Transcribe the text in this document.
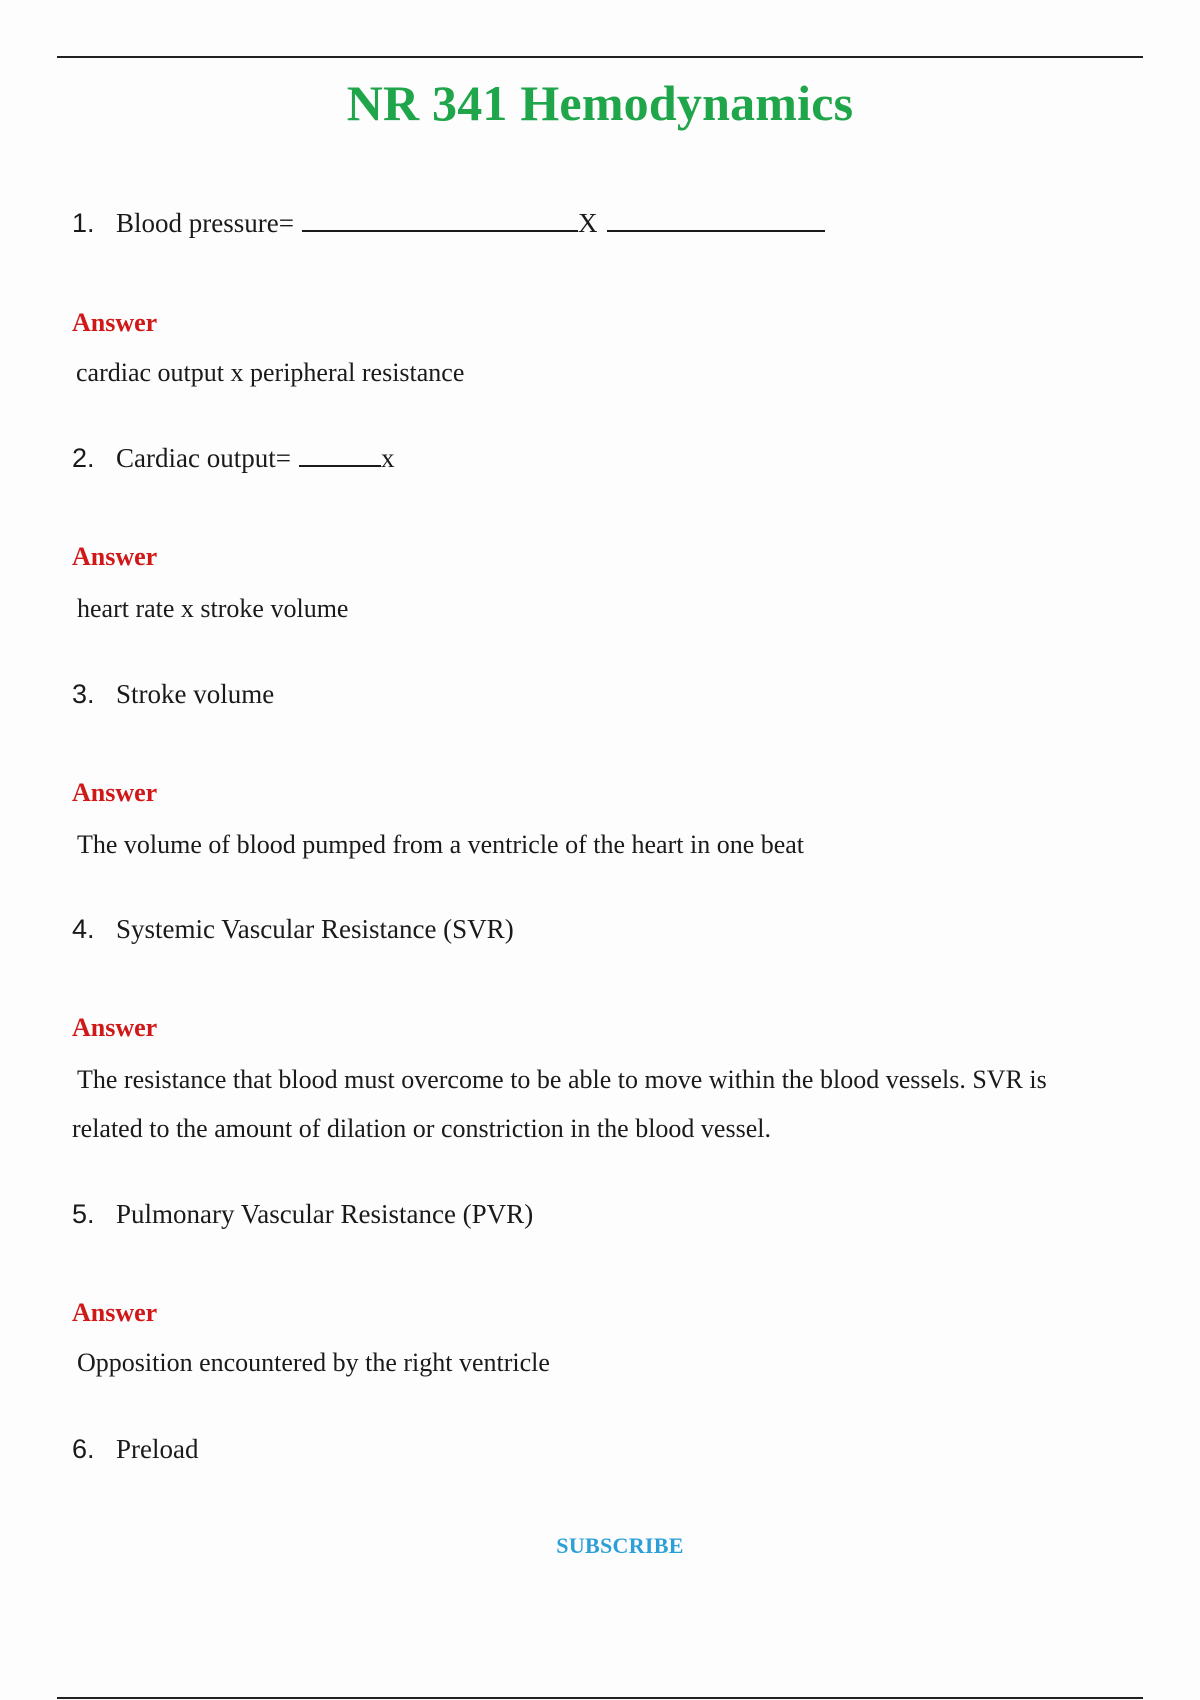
NR 341 Hemodynamics
1. Blood pressure=	X
Answer
cardiac output x peripheral resistance
2. Cardiac output=	x
Answer
heart rate x stroke volume
3. Stroke volume
Answer
The volume of blood pumped from a ventricle of the heart in one beat
4. Systemic Vascular Resistance (SVR)
Answer
The resistance that blood must overcome to be able to move within the blood vessels. SVR is
related to the amount of dilation or constriction in the blood vessel.
5. Pulmonary Vascular Resistance (PVR)
Answer
Opposition encountered by the right ventricle
6. Preload
SUBSCRIBE
